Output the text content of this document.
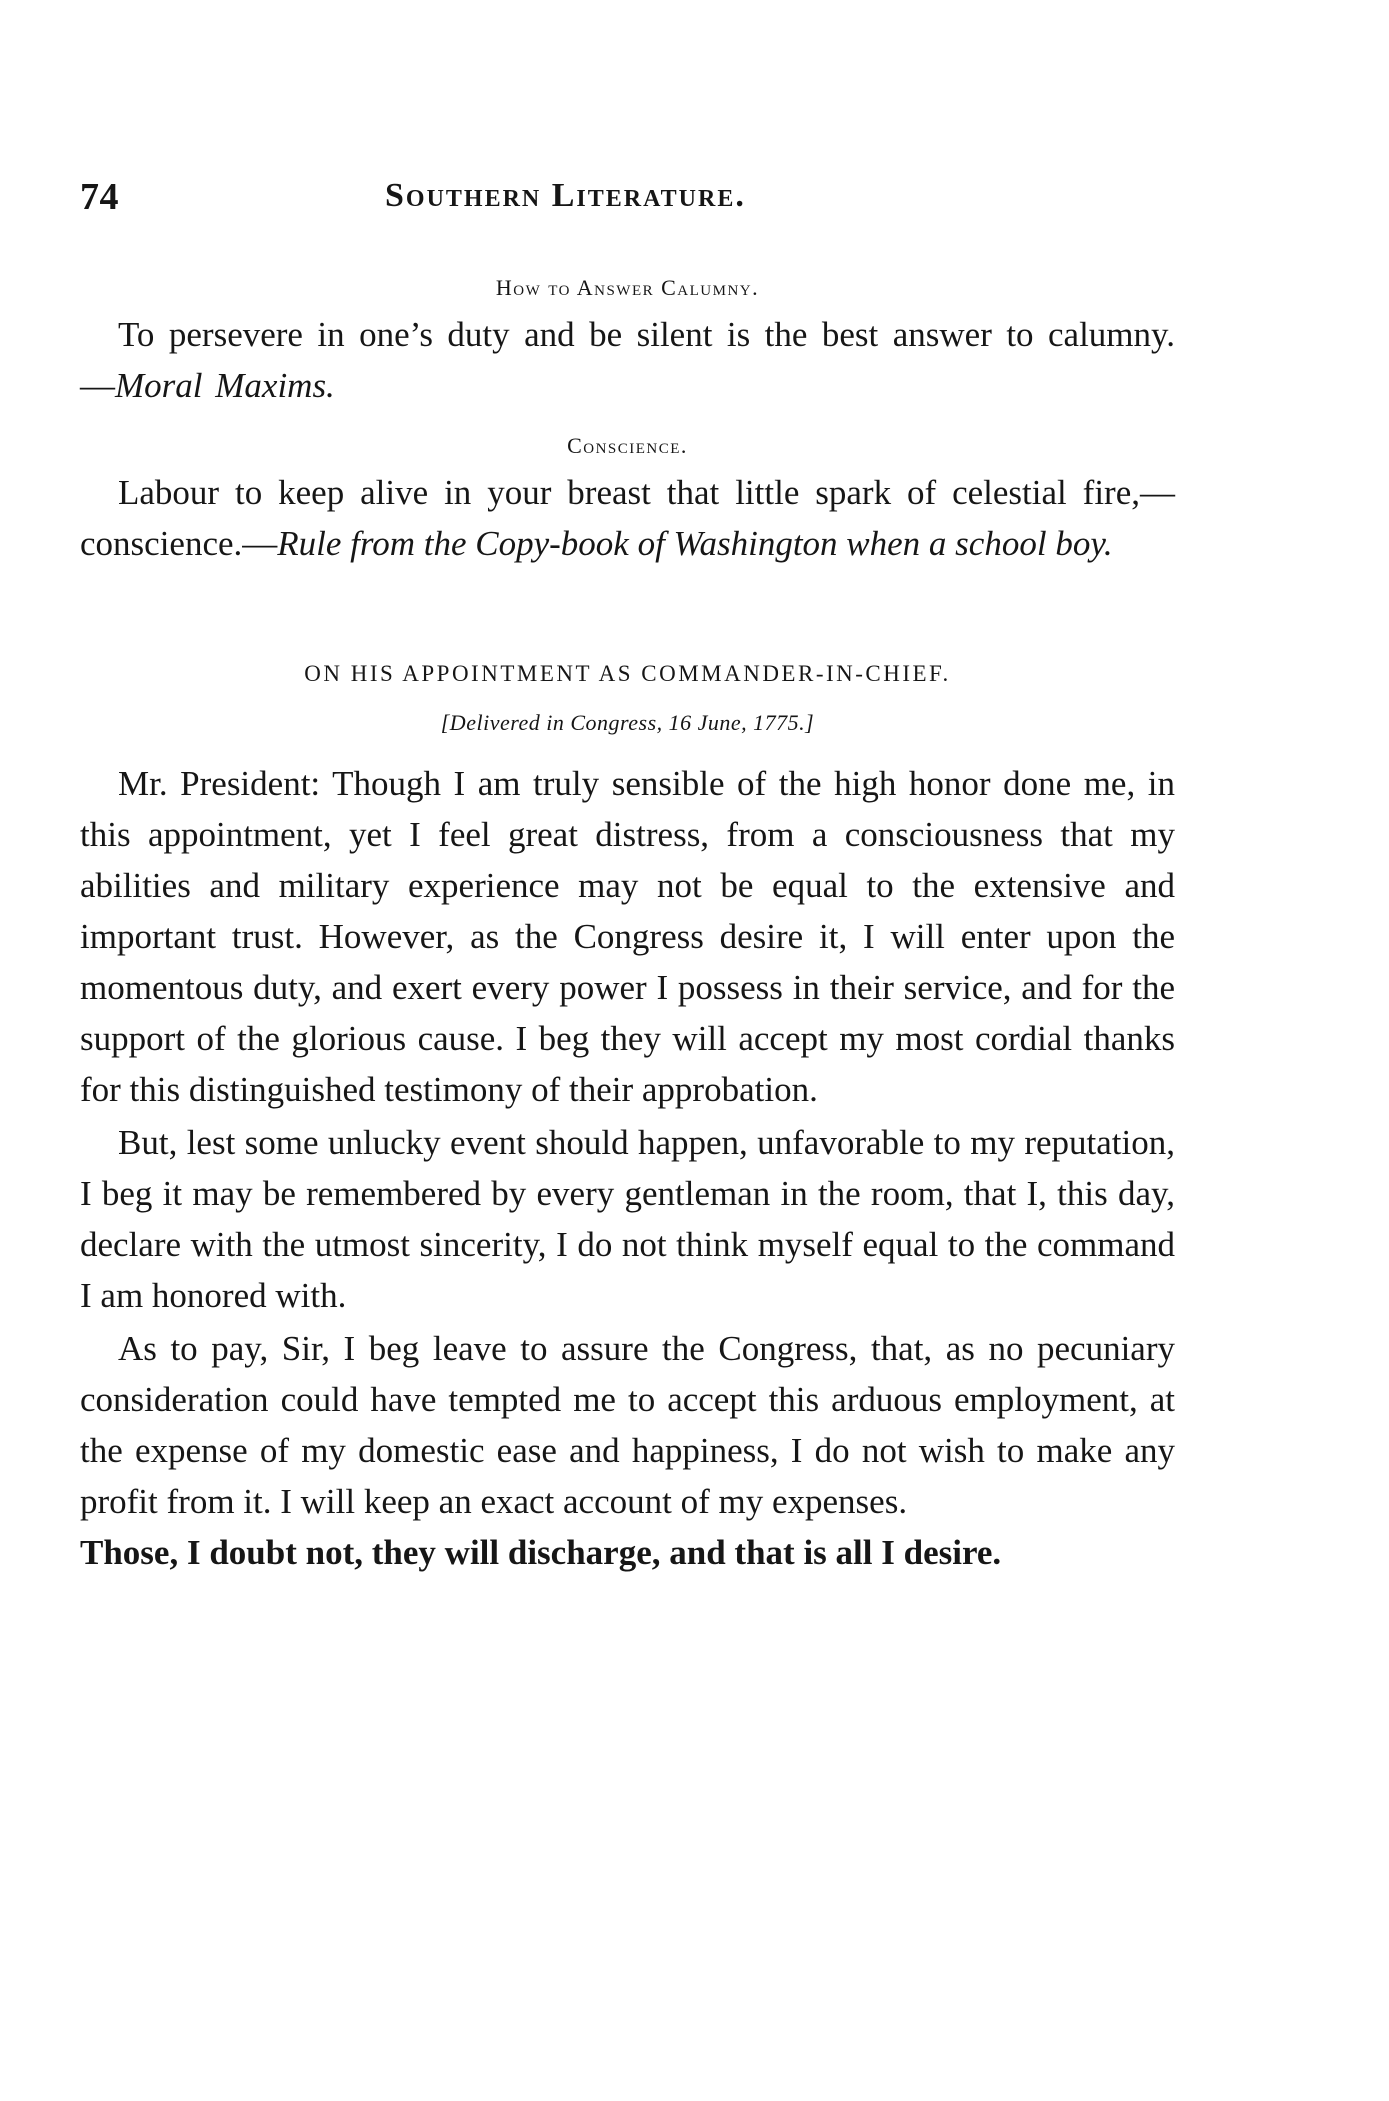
74	Southern Literature.

How to Answer Calumny.

To persevere in one’s duty and be silent is the best answer to calumny.—Moral Maxims.

Conscience.

Labour to keep alive in your breast that little spark of celestial fire,—conscience.—Rule from the Copy-book of Washington when a school boy.

ON HIS APPOINTMENT AS COMMANDER-IN-CHIEF.

[Delivered in Congress, 16 June, 1775.]

Mr. President: Though I am truly sensible of the high honor done me, in this appointment, yet I feel great distress, from a consciousness that my abilities and military experience may not be equal to the extensive and important trust. However, as the Congress desire it, I will enter upon the momentous duty, and exert every power I possess in their service, and for the support of the glorious cause. I beg they will accept my most cordial thanks for this distinguished testimony of their approbation.

But, lest some unlucky event should happen, unfavorable to my reputation, I beg it may be remembered by every gentleman in the room, that I, this day, declare with the utmost sincerity, I do not think myself equal to the command I am honored with.

As to pay, Sir, I beg leave to assure the Congress, that, as no pecuniary consideration could have tempted me to accept this arduous employment, at the expense of my domestic ease and happiness, I do not wish to make any profit from it. I will keep an exact account of my expenses.

Those, I doubt not, they will discharge, and that is all I desire.
